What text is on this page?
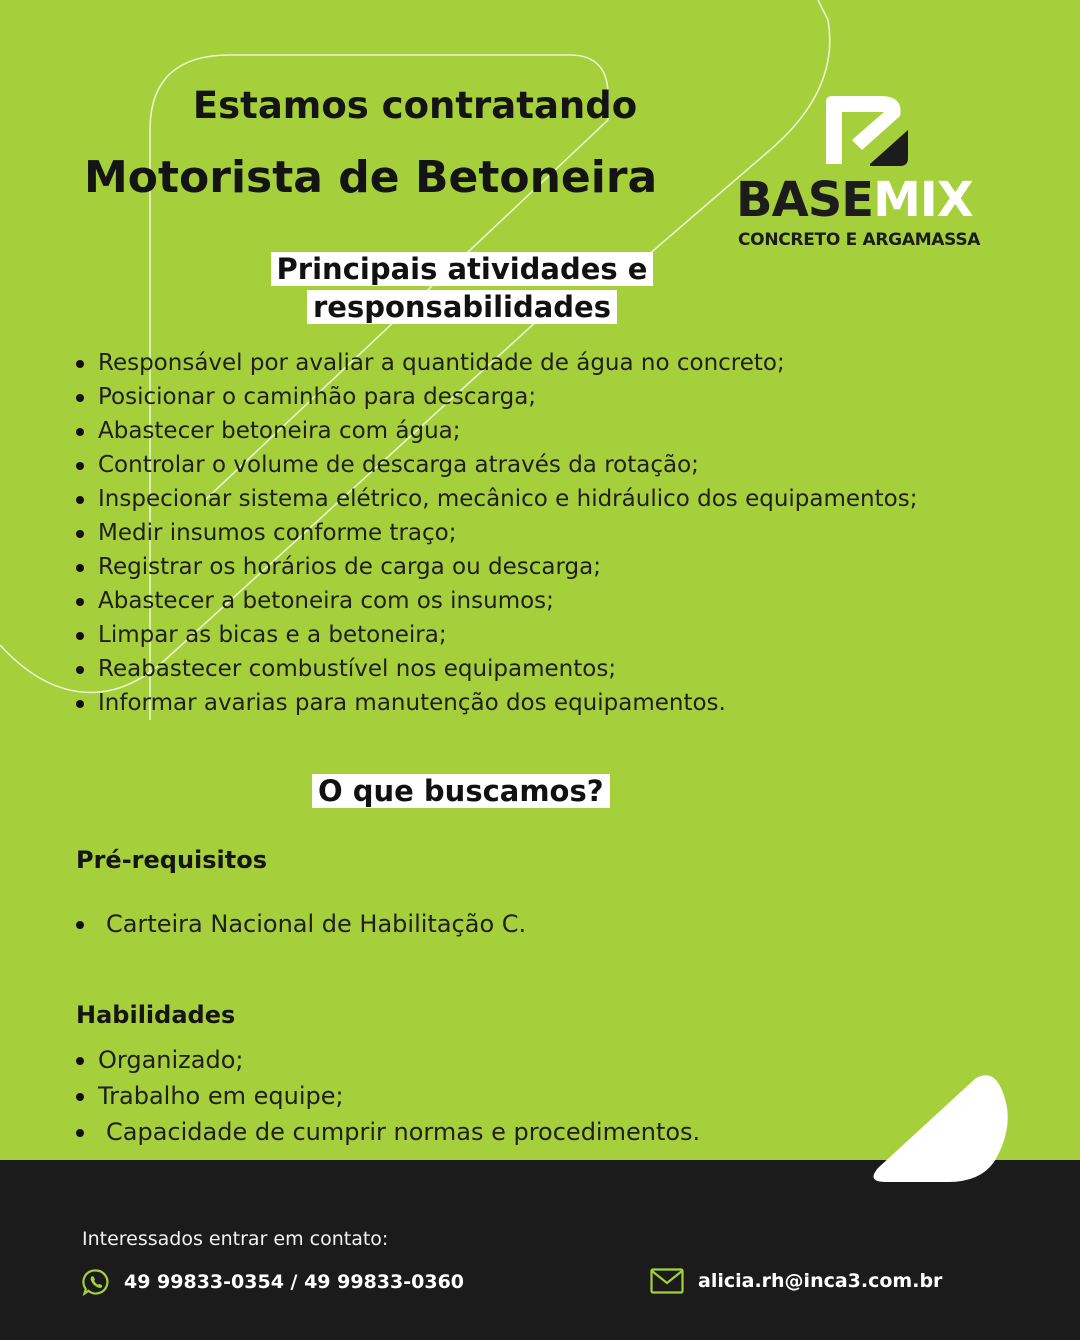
Estamos contratando
Motorista de Betoneira BASEMIX
CONCRETO E ARGAMASSA
Principais atividades e responsabilidades
Responsável por avaliar a quantidade de água no concreto;
Posicionar o caminhão para descarga;
Abastecer betoneira com água;
Controlar o volume de descarga através da rotação;
Inspecionar sistema elétrico, mecânico e hidráulico dos equipamentos;
Medir insumos conforme traço;
Registrar os horários de carga ou descarga;
Abastecer a betoneira com os insumos;
Limpar as bicas e a betoneira;
Reabastecer combustível nos equipamentos;
Informar avarias para manutenção dos equipamentos.
O que buscamos?
Pré-requisitos
Carteira Nacional de Habilitação C.
Habilidades
Organizado;
Trabalho em equipe;
Capacidade de cumprir normas e procedimentos.
Interessados entrar em contato:
49 99833-0354 / 49 99833-0360	alicia.rh@inca3.com.br
